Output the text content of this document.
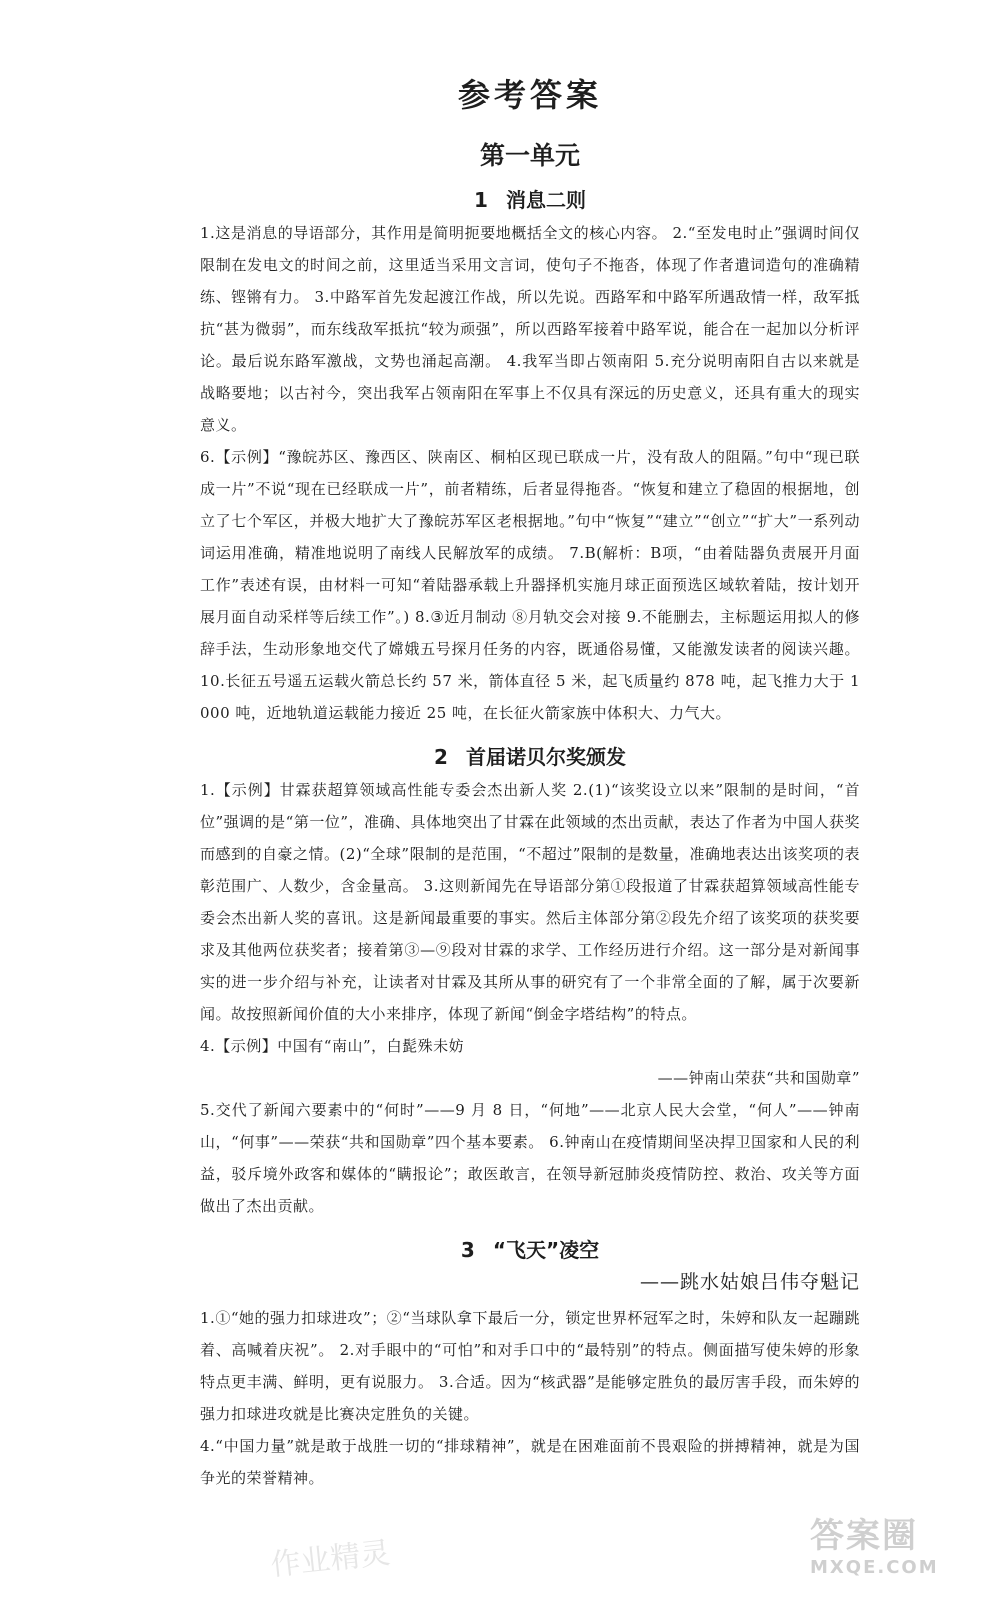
参考答案
第一单元
1 消息二则

1.这是消息的导语部分，其作用是简明扼要地概括全文的核心内容。 2.“至发电时止”强调时间仅限制在发电文的时间之前，这里适当采用文言词，使句子不拖沓，体现了作者遣词造句的准确精练、铿锵有力。 3.中路军首先发起渡江作战，所以先说。西路军和中路军所遇敌情一样，敌军抵抗“甚为微弱”，而东线敌军抵抗“较为顽强”，所以西路军接着中路军说，能合在一起加以分析评论。最后说东路军激战，文势也涌起高潮。 4.我军当即占领南阳 5.充分说明南阳自古以来就是战略要地；以古衬今，突出我军占领南阳在军事上不仅具有深远的历史意义，还具有重大的现实意义。

6.【示例】“豫皖苏区、豫西区、陕南区、桐柏区现已联成一片，没有敌人的阻隔。”句中“现已联成一片”不说“现在已经联成一片”，前者精练，后者显得拖沓。“恢复和建立了稳固的根据地，创立了七个军区，并极大地扩大了豫皖苏军区老根据地。”句中“恢复”“建立”“创立”“扩大”一系列动词运用准确，精准地说明了南线人民解放军的成绩。 7.B(解析：B项，“由着陆器负责展开月面工作”表述有误，由材料一可知“着陆器承载上升器择机实施月球正面预选区域软着陆，按计划开展月面自动采样等后续工作”。) 8.③近月制动 ⑧月轨交会对接 9.不能删去，主标题运用拟人的修辞手法，生动形象地交代了嫦娥五号探月任务的内容，既通俗易懂，又能激发读者的阅读兴趣。 10.长征五号遥五运载火箭总长约 57 米，箭体直径 5 米，起飞质量约 878 吨，起飞推力大于 1 000 吨，近地轨道运载能力接近 25 吨，在长征火箭家族中体积大、力气大。

2 首届诺贝尔奖颁发

1.【示例】甘霖获超算领域高性能专委会杰出新人奖 2.(1)“该奖设立以来”限制的是时间，“首位”强调的是“第一位”，准确、具体地突出了甘霖在此领域的杰出贡献，表达了作者为中国人获奖而感到的自豪之情。(2)“全球”限制的是范围，“不超过”限制的是数量，准确地表达出该奖项的表彰范围广、人数少，含金量高。 3.这则新闻先在导语部分第①段报道了甘霖获超算领域高性能专委会杰出新人奖的喜讯。这是新闻最重要的事实。然后主体部分第②段先介绍了该奖项的获奖要求及其他两位获奖者；接着第③—⑨段对甘霖的求学、工作经历进行介绍。这一部分是对新闻事实的进一步介绍与补充，让读者对甘霖及其所从事的研究有了一个非常全面的了解，属于次要新闻。故按照新闻价值的大小来排序，体现了新闻“倒金字塔结构”的特点。

4.【示例】中国有“南山”，白髭殊未妨

——钟南山荣获“共和国勋章”

5.交代了新闻六要素中的“何时”——9 月 8 日，“何地”——北京人民大会堂，“何人”——钟南山，“何事”——荣获“共和国勋章”四个基本要素。 6.钟南山在疫情期间坚决捍卫国家和人民的利益，驳斥境外政客和媒体的“瞒报论”；敢医敢言，在领导新冠肺炎疫情防控、救治、攻关等方面做出了杰出贡献。

3 “飞天”凌空
——跳水姑娘吕伟夺魁记

1.①“她的强力扣球进攻”；②“当球队拿下最后一分，锁定世界杯冠军之时，朱婷和队友一起蹦跳着、高喊着庆祝”。 2.对手眼中的“可怕”和对手口中的“最特别”的特点。侧面描写使朱婷的形象特点更丰满、鲜明，更有说服力。 3.合适。因为“核武器”是能够定胜负的最厉害手段，而朱婷的强力扣球进攻就是比赛决定胜负的关键。

4.“中国力量”就是敢于战胜一切的“排球精神”，就是在困难面前不畏艰险的拼搏精神，就是为国争光的荣誉精神。

作业精灵	答案圈
MXQE.COM
